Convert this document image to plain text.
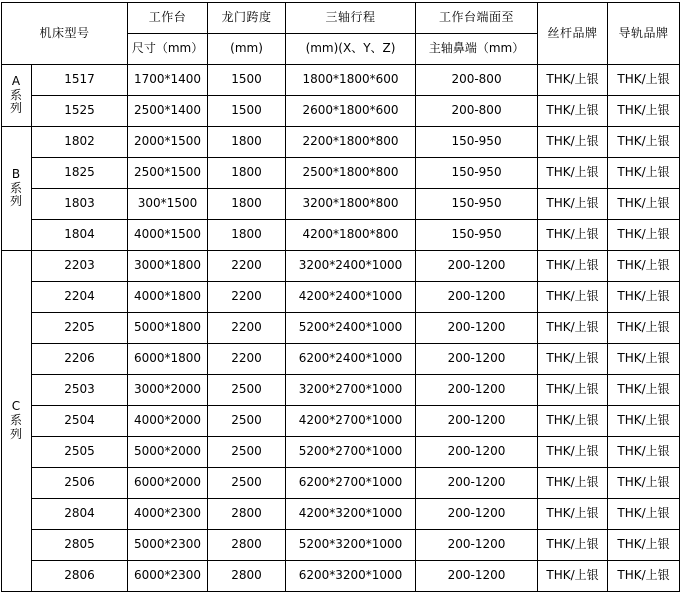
机床型号		工作台	龙门跨度	三轴行程	工作台端面至	丝杆品牌	导轨品牌
		尺寸（mm）	(mm)	(mm)(X、Y、Z)	主轴鼻端（mm）		

A
系
列	1517	1700*1400	1500	1800*1800*600	200-800	THK/上银	THK/上银
	1525	2500*1400	1500	2600*1800*600	200-800	THK/上银	THK/上银

B
系
列	1802	2000*1500	1800	2200*1800*800	150-950	THK/上银	THK/上银
	1825	2500*1500	1800	2500*1800*800	150-950	THK/上银	THK/上银
	1803	300*1500	1800	3200*1800*800	150-950	THK/上银	THK/上银
	1804	4000*1500	1800	4200*1800*800	150-950	THK/上银	THK/上银

C
系
列	2203	3000*1800	2200	3200*2400*1000	200-1200	THK/上银	THK/上银
	2204	4000*1800	2200	4200*2400*1000	200-1200	THK/上银	THK/上银
	2205	5000*1800	2200	5200*2400*1000	200-1200	THK/上银	THK/上银
	2206	6000*1800	2200	6200*2400*1000	200-1200	THK/上银	THK/上银
	2503	3000*2000	2500	3200*2700*1000	200-1200	THK/上银	THK/上银
	2504	4000*2000	2500	4200*2700*1000	200-1200	THK/上银	THK/上银
	2505	5000*2000	2500	5200*2700*1000	200-1200	THK/上银	THK/上银
	2506	6000*2000	2500	6200*2700*1000	200-1200	THK/上银	THK/上银
	2804	4000*2300	2800	4200*3200*1000	200-1200	THK/上银	THK/上银
	2805	5000*2300	2800	5200*3200*1000	200-1200	THK/上银	THK/上银
	2806	6000*2300	2800	6200*3200*1000	200-1200	THK/上银	THK/上银
